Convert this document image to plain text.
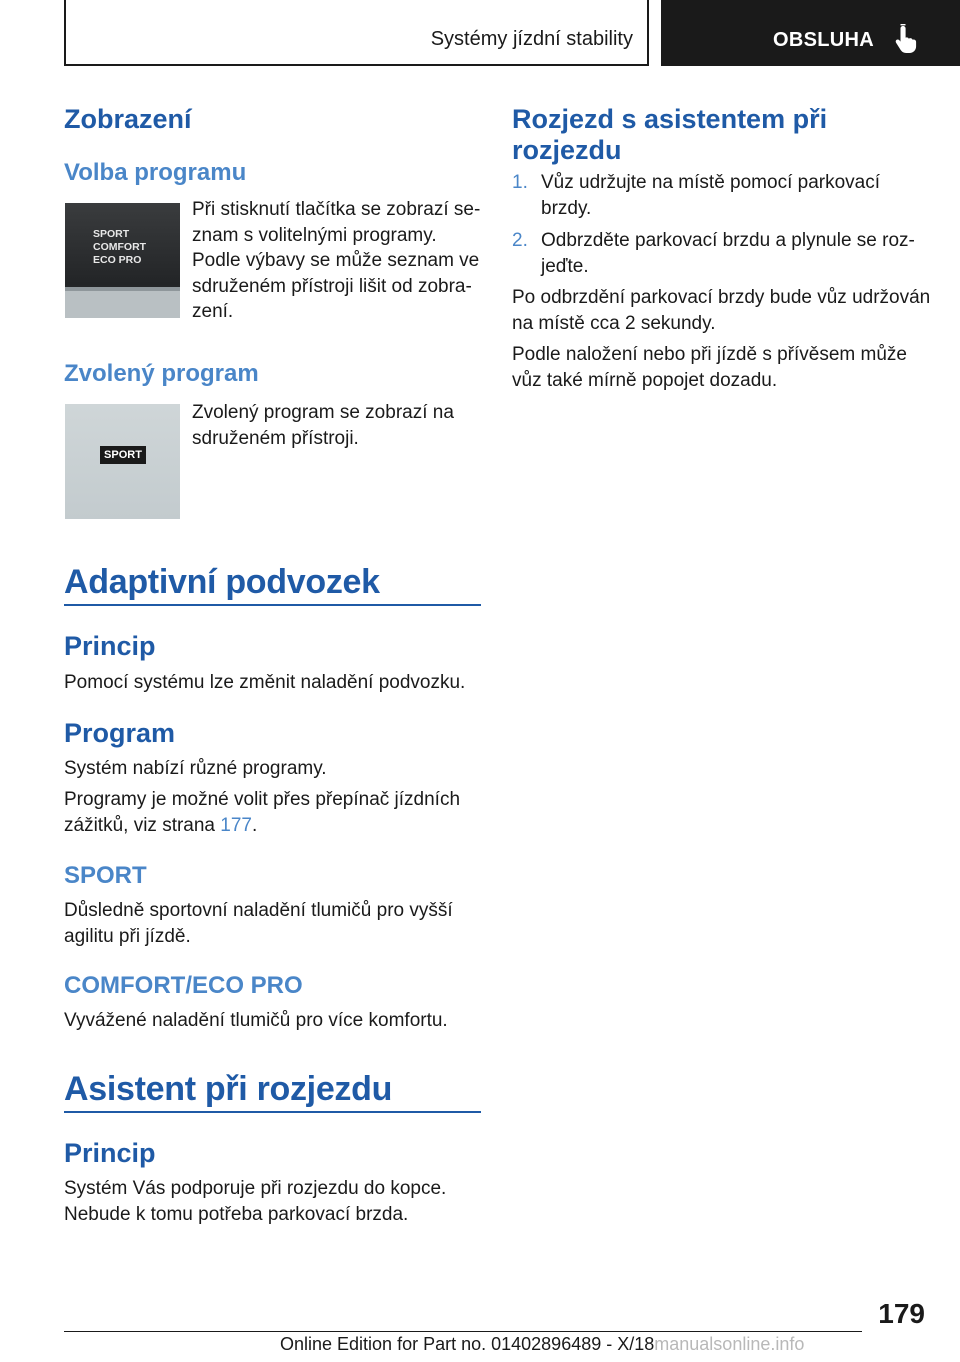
Systémy jízdní stability	OBSLUHA
Zobrazení
Volba programu
SPORT
COMFORT
ECO PRO
Při stisknutí tlačítka se zobrazí se-
znam s volitelnými programy.
Podle výbavy se může seznam ve
sdruženém přístroji lišit od zobra-
zení.
Zvolený program
SPORT
Zvolený program se zobrazí na
sdruženém přístroji.
Adaptivní podvozek
Princip
Pomocí systému lze změnit naladění podvozku.
Program
Systém nabízí různé programy.
Programy je možné volit přes přepínač jízdních
zážitků, viz strana 177.
SPORT
Důsledně sportovní naladění tlumičů pro vyšší
agilitu při jízdě.
COMFORT/ECO PRO
Vyvážené naladění tlumičů pro více komfortu.
Asistent při rozjezdu
Princip
Systém Vás podporuje při rozjezdu do kopce.
Nebude k tomu potřeba parkovací brzda.
Rozjezd s asistentem při
rozjezdu
1. Vůz udržujte na místě pomocí parkovací
brzdy.
2. Odbrzděte parkovací brzdu a plynule se roz-
jeďte.
Po odbrzdění parkovací brzdy bude vůz udržován
na místě cca 2 sekundy.
Podle naložení nebo při jízdě s přívěsem může
vůz také mírně popojet dozadu.
179
Online Edition for Part no. 01402896489 - X/18manualsonline.info
